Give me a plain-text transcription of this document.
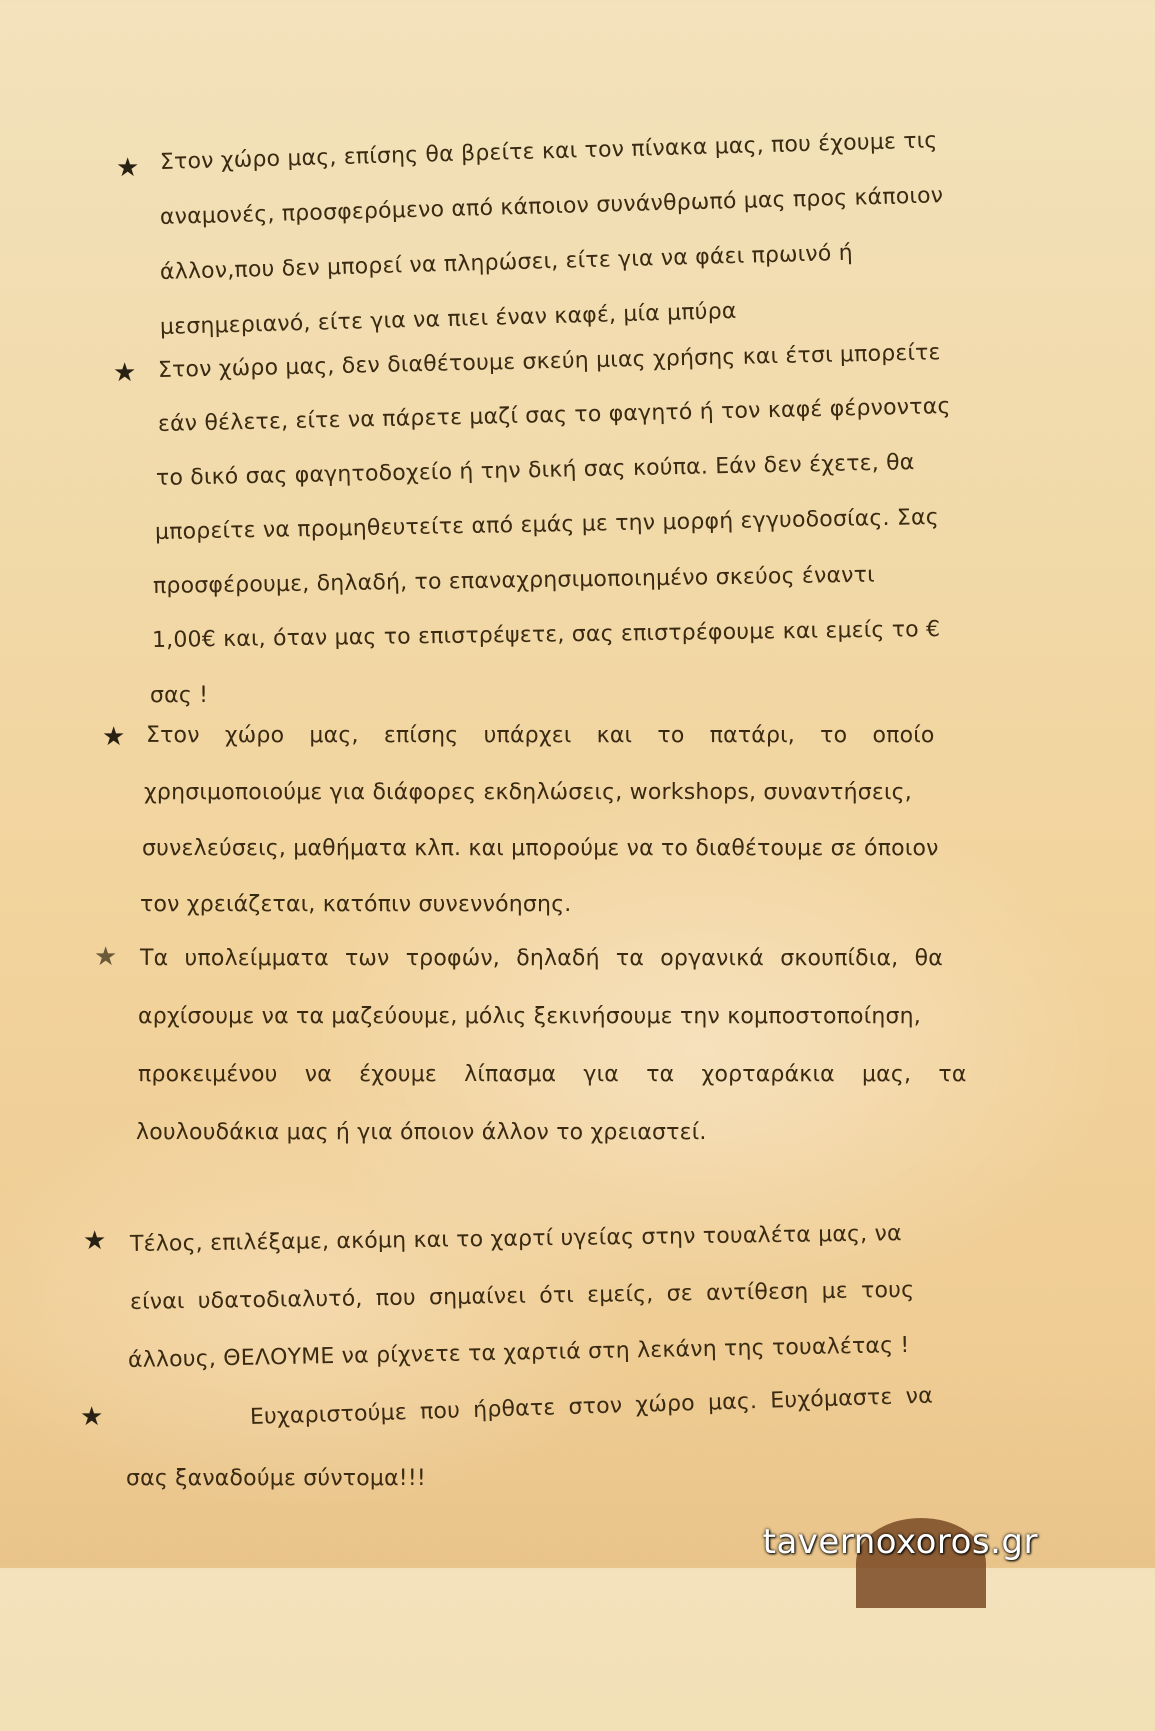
★ Στον χώρο μας, επίσης θα βρείτε και τον πίνακα μας, που έχουμε τις
αναμονές, προσφερόμενο από κάποιον συνάνθρωπό μας προς κάποιον
άλλον,που δεν μπορεί να πληρώσει, είτε για να φάει πρωινό ή
μεσημεριανό, είτε για να πιει έναν καφέ, μία μπύρα
★ Στον χώρο μας, δεν διαθέτουμε σκεύη μιας χρήσης και έτσι μπορείτε
εάν θέλετε, είτε να πάρετε μαζί σας το φαγητό ή τον καφέ φέρνοντας
το δικό σας φαγητοδοχείο ή την δική σας κούπα. Εάν δεν έχετε, θα
μπορείτε να προμηθευτείτε από εμάς με την μορφή εγγυοδοσίας. Σας
προσφέρουμε, δηλαδή, το επαναχρησιμοποιημένο σκεύος έναντι
1,00€ και, όταν μας το επιστρέψετε, σας επιστρέφουμε και εμείς το €
σας !
★ Στον χώρο μας, επίσης υπάρχει και το πατάρι, το οποίο
χρησιμοποιούμε για διάφορες εκδηλώσεις, workshops, συναντήσεις,
συνελεύσεις, μαθήματα κλπ. και μπορούμε να το διαθέτουμε σε όποιον
τον χρειάζεται, κατόπιν συνεννόησης.
★ Τα υπολείμματα των τροφών, δηλαδή τα οργανικά σκουπίδια, θα
αρχίσουμε να τα μαζεύουμε, μόλις ξεκινήσουμε την κομποστοποίηση,
προκειμένου να έχουμε λίπασμα για τα χορταράκια μας, τα
λουλουδάκια μας ή για όποιον άλλον το χρειαστεί.
★ Τέλος, επιλέξαμε, ακόμη και το χαρτί υγείας στην τουαλέτα μας, να
είναι υδατοδιαλυτό, που σημαίνει ότι εμείς, σε αντίθεση με τους
άλλους, ΘΕΛΟΥΜΕ να ρίχνετε τα χαρτιά στη λεκάνη της τουαλέτας !
★	Ευχαριστούμε που ήρθατε στον χώρο μας. Ευχόμαστε να
σας ξαναδούμε σύντομα!!!
tavernoxoros.gr
